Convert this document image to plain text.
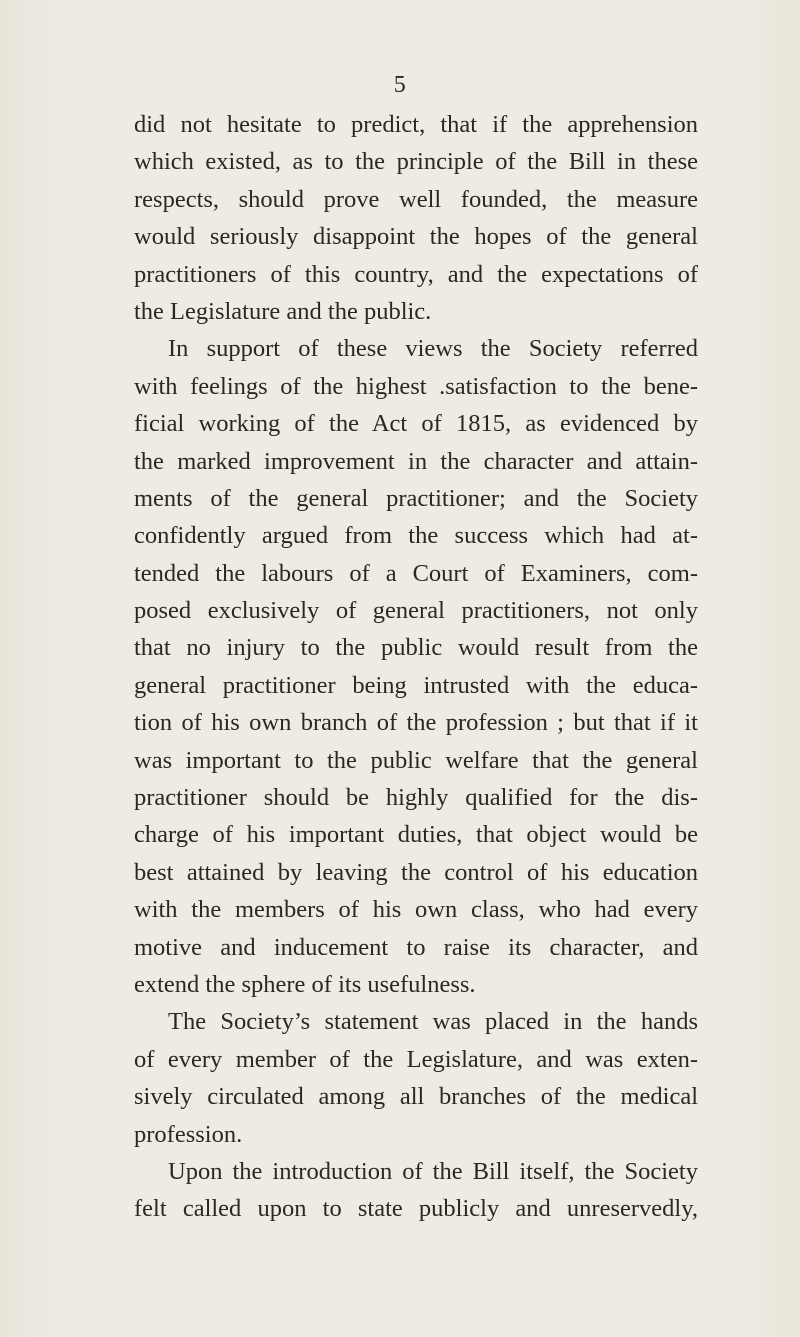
5
did not hesitate to predict, that if the apprehension
which existed, as to the principle of the Bill in these
respects, should prove well founded, the measure
would seriously disappoint the hopes of the general
practitioners of this country, and the expectations of
the Legislature and the public.
In support of these views the Society referred
with feelings of the highest .satisfaction to the bene-
ficial working of the Act of 1815, as evidenced by
the marked improvement in the character and attain-
ments of the general practitioner; and the Society
confidently argued from the success which had at-
tended the labours of a Court of Examiners, com-
posed exclusively of general practitioners, not only
that no injury to the public would result from the
general practitioner being intrusted with the educa-
tion of his own branch of the profession ; but that if it
was important to the public welfare that the general
practitioner should be highly qualified for the dis-
charge of his important duties, that object would be
best attained by leaving the control of his education
with the members of his own class, who had every
motive and inducement to raise its character, and
extend the sphere of its usefulness.
The Society’s statement was placed in the hands
of every member of the Legislature, and was exten-
sively circulated among all branches of the medical
profession.
Upon the introduction of the Bill itself, the Society
felt called upon to state publicly and unreservedly,
